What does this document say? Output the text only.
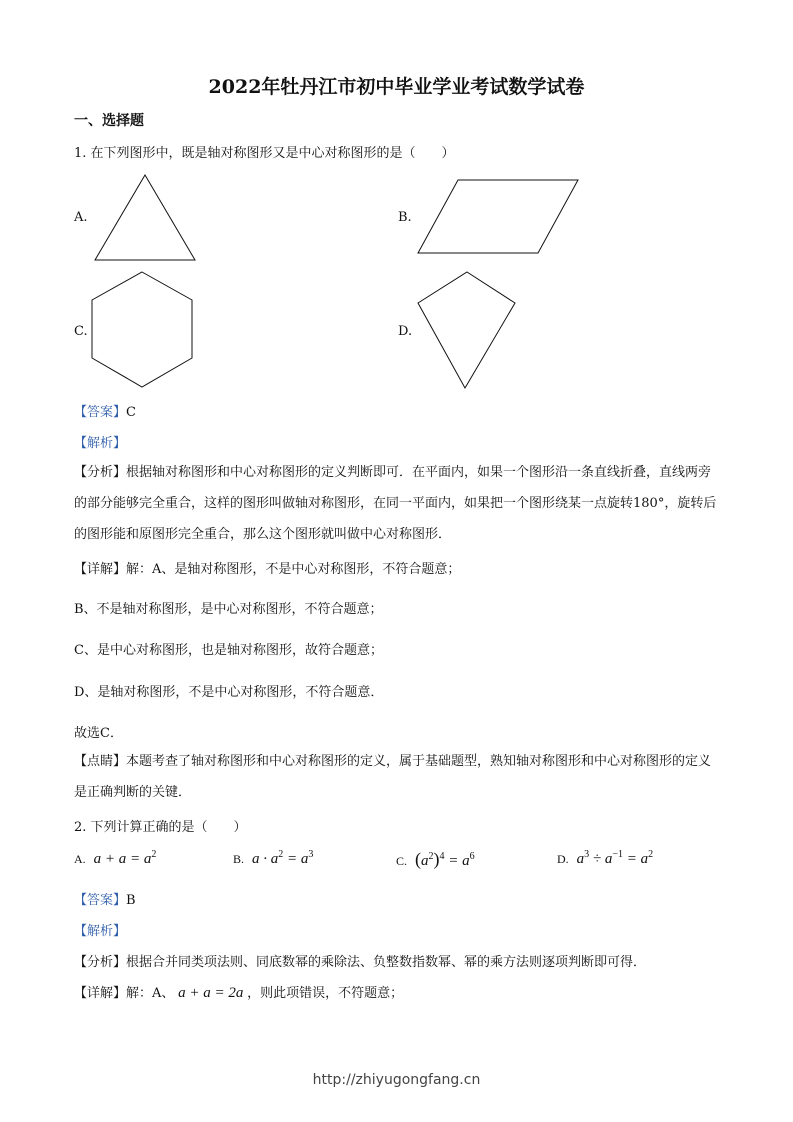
2022年牡丹江市初中毕业学业考试数学试卷
一、选择题
1. 在下列图形中，既是轴对称图形又是中心对称图形的是（　　）
A.	B.
C.	D.
【答案】C
【解析】
【分析】根据轴对称图形和中心对称图形的定义判断即可．在平面内，如果一个图形沿一条直线折叠，直线两旁的部分能够完全重合，这样的图形叫做轴对称图形，在同一平面内，如果把一个图形绕某一点旋转180°，旋转后的图形能和原图形完全重合，那么这个图形就叫做中心对称图形．
【详解】解：A、是轴对称图形，不是中心对称图形，不符合题意；
B、不是轴对称图形，是中心对称图形，不符合题意；
C、是中心对称图形，也是轴对称图形，故符合题意；
D、是轴对称图形，不是中心对称图形，不符合题意．
故选C．
【点睛】本题考查了轴对称图形和中心对称图形的定义，属于基础题型，熟知轴对称图形和中心对称图形的定义是正确判断的关键．
2. 下列计算正确的是（　　）
A. $a + a = a^2$	B. $a \cdot a^2 = a^3$	C. $(a^2)^4 = a^6$	D. $a^3 \div a^{-1} = a^2$
【答案】B
【解析】
【分析】根据合并同类项法则、同底数幂的乘除法、负整数指数幂、幂的乘方法则逐项判断即可得．
【详解】解：A、 a + a = 2a ，则此项错误，不符题意；
http://zhiyugongfang.cn
